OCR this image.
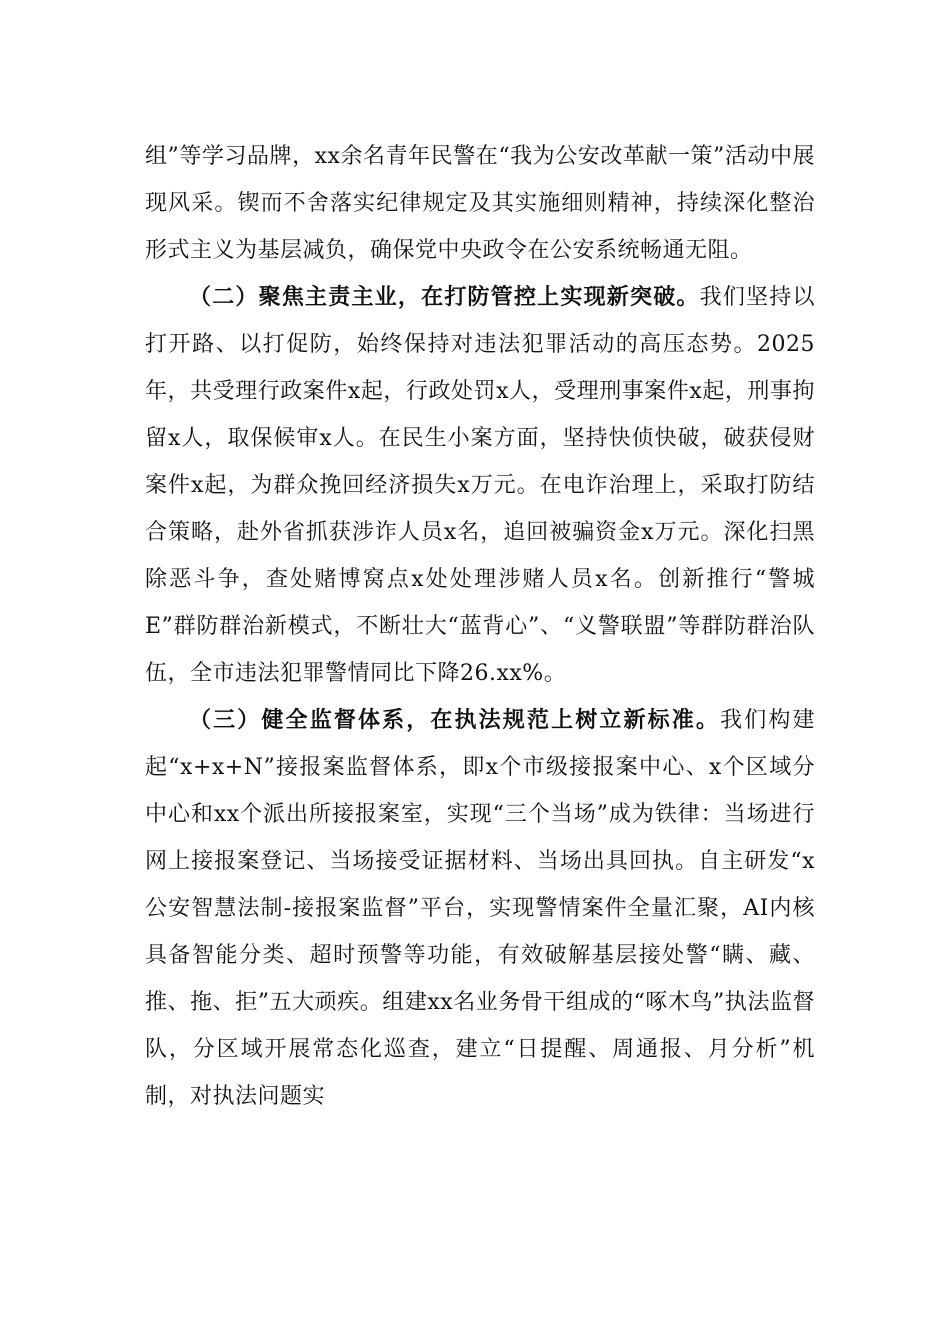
组”等学习品牌，xx余名青年民警在“我为公安改革献一策”活动中展现风采。锲而不舍落实纪律规定及其实施细则精神，持续深化整治形式主义为基层减负，确保党中央政令在公安系统畅通无阻。

（二）聚焦主责主业，在打防管控上实现新突破。我们坚持以打开路、以打促防，始终保持对违法犯罪活动的高压态势。2025年，共受理行政案件x起，行政处罚x人，受理刑事案件x起，刑事拘留x人，取保候审x人。在民生小案方面，坚持快侦快破，破获侵财案件x起，为群众挽回经济损失x万元。在电诈治理上，采取打防结合策略，赴外省抓获涉诈人员x名，追回被骗资金x万元。深化扫黑除恶斗争，查处赌博窝点x处处理涉赌人员x名。创新推行“警城E”群防群治新模式，不断壮大“蓝背心”、“义警联盟”等群防群治队伍，全市违法犯罪警情同比下降26.xx%。

（三）健全监督体系，在执法规范上树立新标准。我们构建起“x+x+N”接报案监督体系，即x个市级接报案中心、x个区域分中心和xx个派出所接报案室，实现“三个当场”成为铁律：当场进行网上接报案登记、当场接受证据材料、当场出具回执。自主研发“x公安智慧法制-接报案监督”平台，实现警情案件全量汇聚，AI内核具备智能分类、超时预警等功能，有效破解基层接处警“瞒、藏、推、拖、拒”五大顽疾。组建xx名业务骨干组成的“啄木鸟”执法监督队，分区域开展常态化巡查，建立“日提醒、周通报、月分析”机制，对执法问题实
